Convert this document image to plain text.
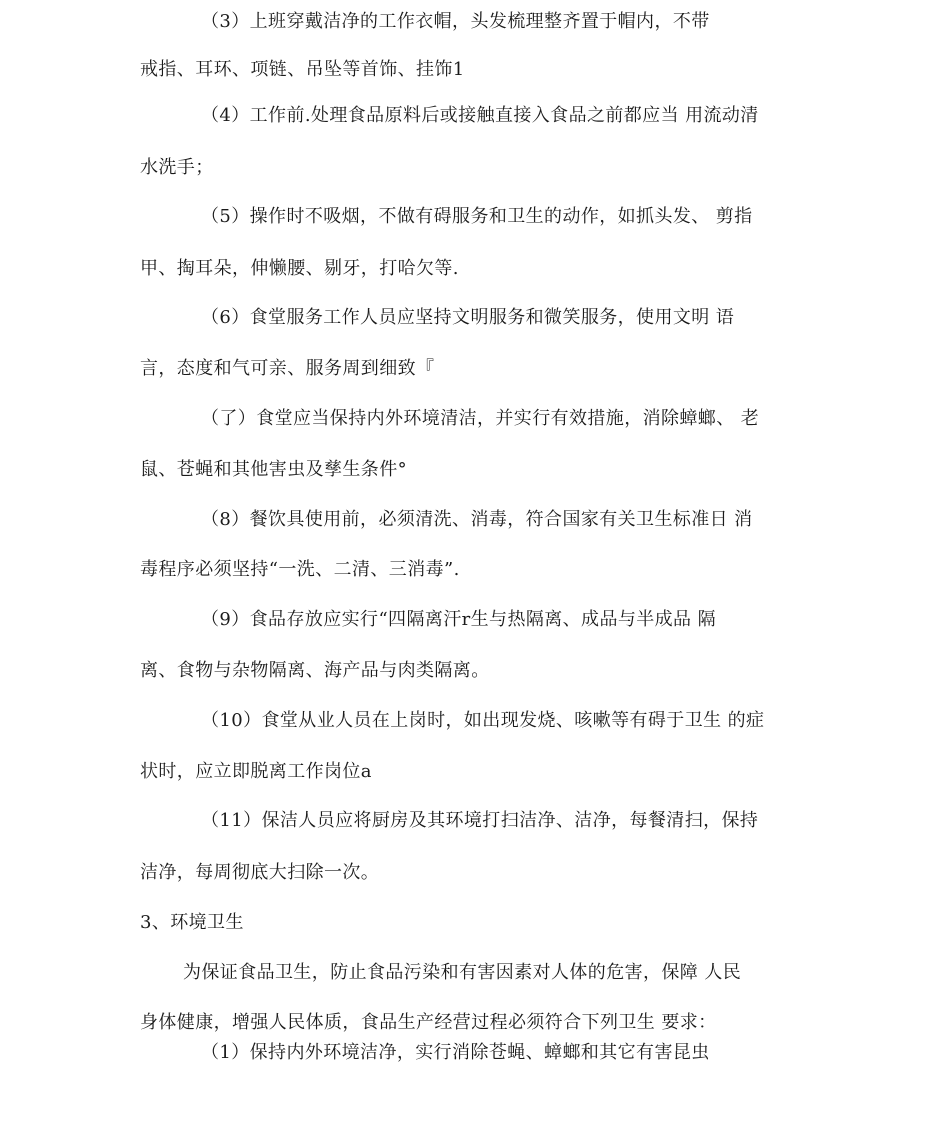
（3）上班穿戴洁净的工作衣帽，头发梳理整齐置于帽内，不带
戒指、耳环、项链、吊坠等首饰、挂饰1
（4）工作前.处理食品原料后或接触直接入食品之前都应当 用流动清
水洗手；
（5）操作时不吸烟，不做有碍服务和卫生的动作，如抓头发、 剪指
甲、掏耳朵，伸懒腰、剔牙，打哈欠等.
（6）食堂服务工作人员应坚持文明服务和微笑服务，使用文明 语
言，态度和气可亲、服务周到细致『
（了）食堂应当保持内外环境清洁，并实行有效措施，消除蟑螂、 老
鼠、苍蝇和其他害虫及孳生条件°
（8）餐饮具使用前，必须清洗、消毒，符合国家有关卫生标准日 消
毒程序必须坚持“一洗、二清、三消毒”.
（9）食品存放应实行“四隔离汗r生与热隔离、成品与半成品 隔
离、食物与杂物隔离、海产品与肉类隔离。
（10）食堂从业人员在上岗时，如出现发烧、咳嗽等有碍于卫生 的症
状时，应立即脱离工作岗位a
（11）保洁人员应将厨房及其环境打扫洁净、洁净，每餐清扫，保持
洁净，每周彻底大扫除一次。
3、环境卫生
为保证食品卫生，防止食品污染和有害因素对人体的危害，保障 人民
身体健康，增强人民体质，食品生产经营过程必须符合下列卫生 要求：
（1）保持内外环境洁净，实行消除苍蝇、蟑螂和其它有害昆虫
